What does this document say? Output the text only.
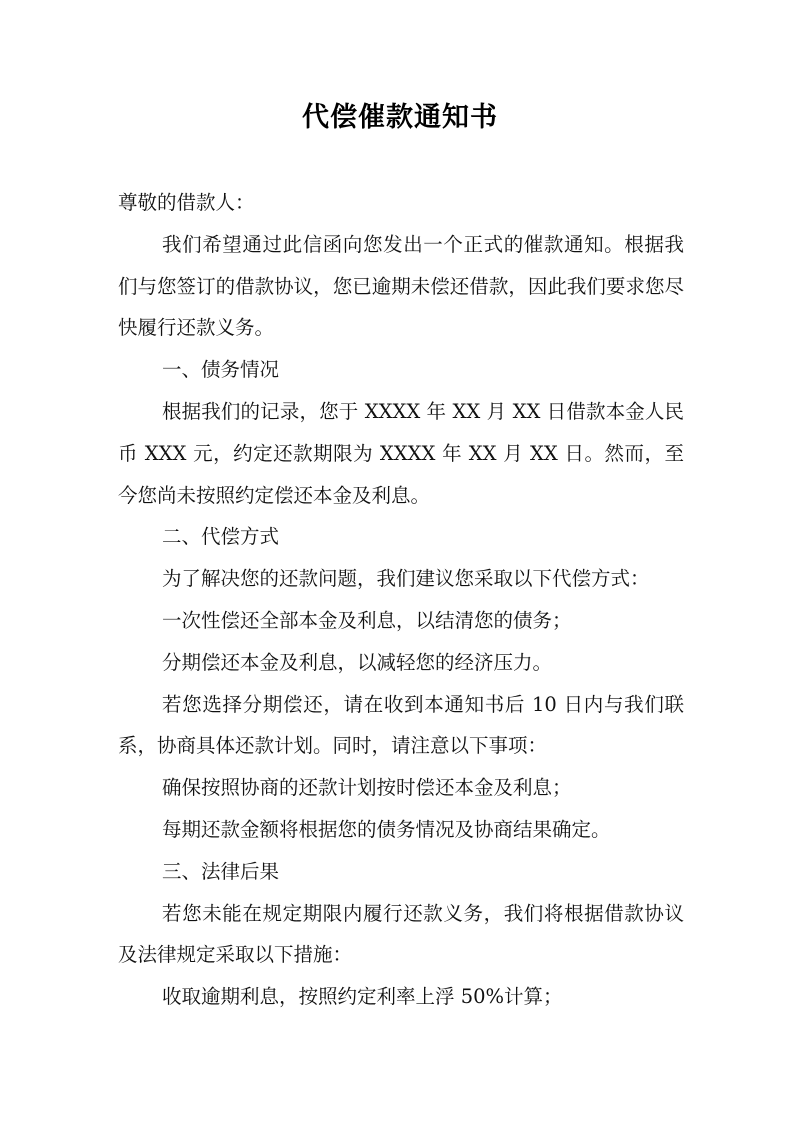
代偿催款通知书

尊敬的借款人：

我们希望通过此信函向您发出一个正式的催款通知。根据我们与您签订的借款协议，您已逾期未偿还借款，因此我们要求您尽快履行还款义务。

一、债务情况

根据我们的记录，您于 XXXX 年 XX 月 XX 日借款本金人民币 XXX 元，约定还款期限为 XXXX 年 XX 月 XX 日。然而，至今您尚未按照约定偿还本金及利息。

二、代偿方式

为了解决您的还款问题，我们建议您采取以下代偿方式：

一次性偿还全部本金及利息，以结清您的债务；

分期偿还本金及利息，以减轻您的经济压力。

若您选择分期偿还，请在收到本通知书后 10 日内与我们联系，协商具体还款计划。同时，请注意以下事项：

确保按照协商的还款计划按时偿还本金及利息；

每期还款金额将根据您的债务情况及协商结果确定。

三、法律后果

若您未能在规定期限内履行还款义务，我们将根据借款协议及法律规定采取以下措施：

收取逾期利息，按照约定利率上浮 50%计算；
